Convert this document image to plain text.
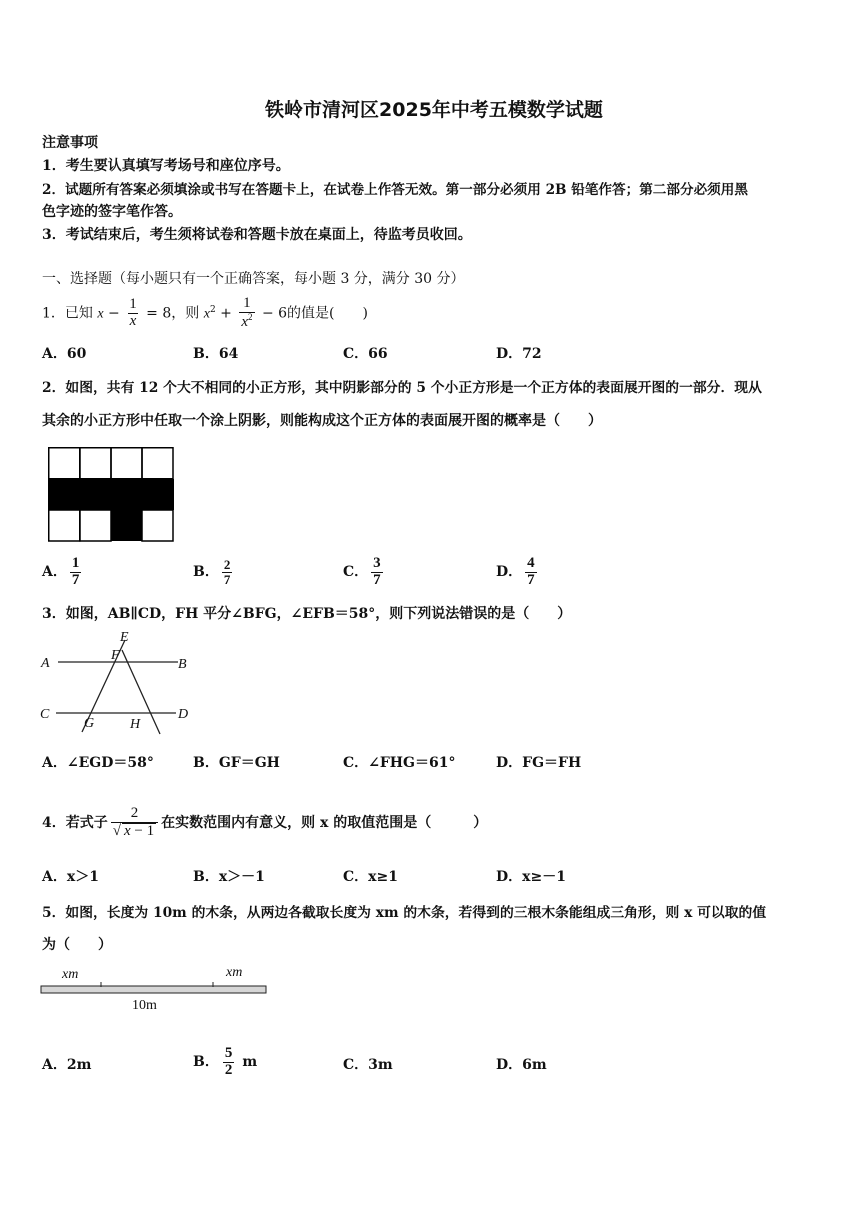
铁岭市清河区2025年中考五模数学试题
注意事项
1．考生要认真填写考场号和座位序号。
2．试题所有答案必须填涂或书写在答题卡上，在试卷上作答无效。第一部分必须用 2B 铅笔作答；第二部分必须用黑
色字迹的签字笔作答。
3．考试结束后，考生须将试卷和答题卡放在桌面上，待监考员收回。
一、选择题（每小题只有一个正确答案，每小题 3 分，满分 30 分）
1．已知 $x - \frac{1}{x} = 8$，则 $x^2 + \frac{1}{x^2} - 6$的值是(　　)
A．60	B．64	C．66	D．72
2．如图，共有 12 个大不相同的小正方形，其中阴影部分的 5 个小正方形是一个正方体的表面展开图的一部分．现从
其余的小正方形中任取一个涂上阴影，则能构成这个正方体的表面展开图的概率是（　　）
A． $\frac{1}{7}$	B． $\frac{2}{7}$	C． $\frac{3}{7}$	D． $\frac{4}{7}$
3．如图，AB∥CD，FH 平分∠BFG，∠EFB＝58°，则下列说法错误的是（　　）
E
F
A	B
C
G	H
D
A．∠EGD＝58°	B．GF＝GH	C．∠FHG＝61°	D．FG＝FH
4．若式子 $\frac{2}{√ x - 1}$ 在实数范围内有意义，则 x 的取值范围是（　　　）
A．x＞1	B．x＞－1	C．x≥1	D．x≥－1
5．如图，长度为 10m 的木条，从两边各截取长度为 xm 的木条，若得到的三根木条能组成三角形，则 x 可以取的值
为（　　）
xm	xm
10m
A．2m	B． $\frac{5}{2}$ m	C．3m	D．6m
